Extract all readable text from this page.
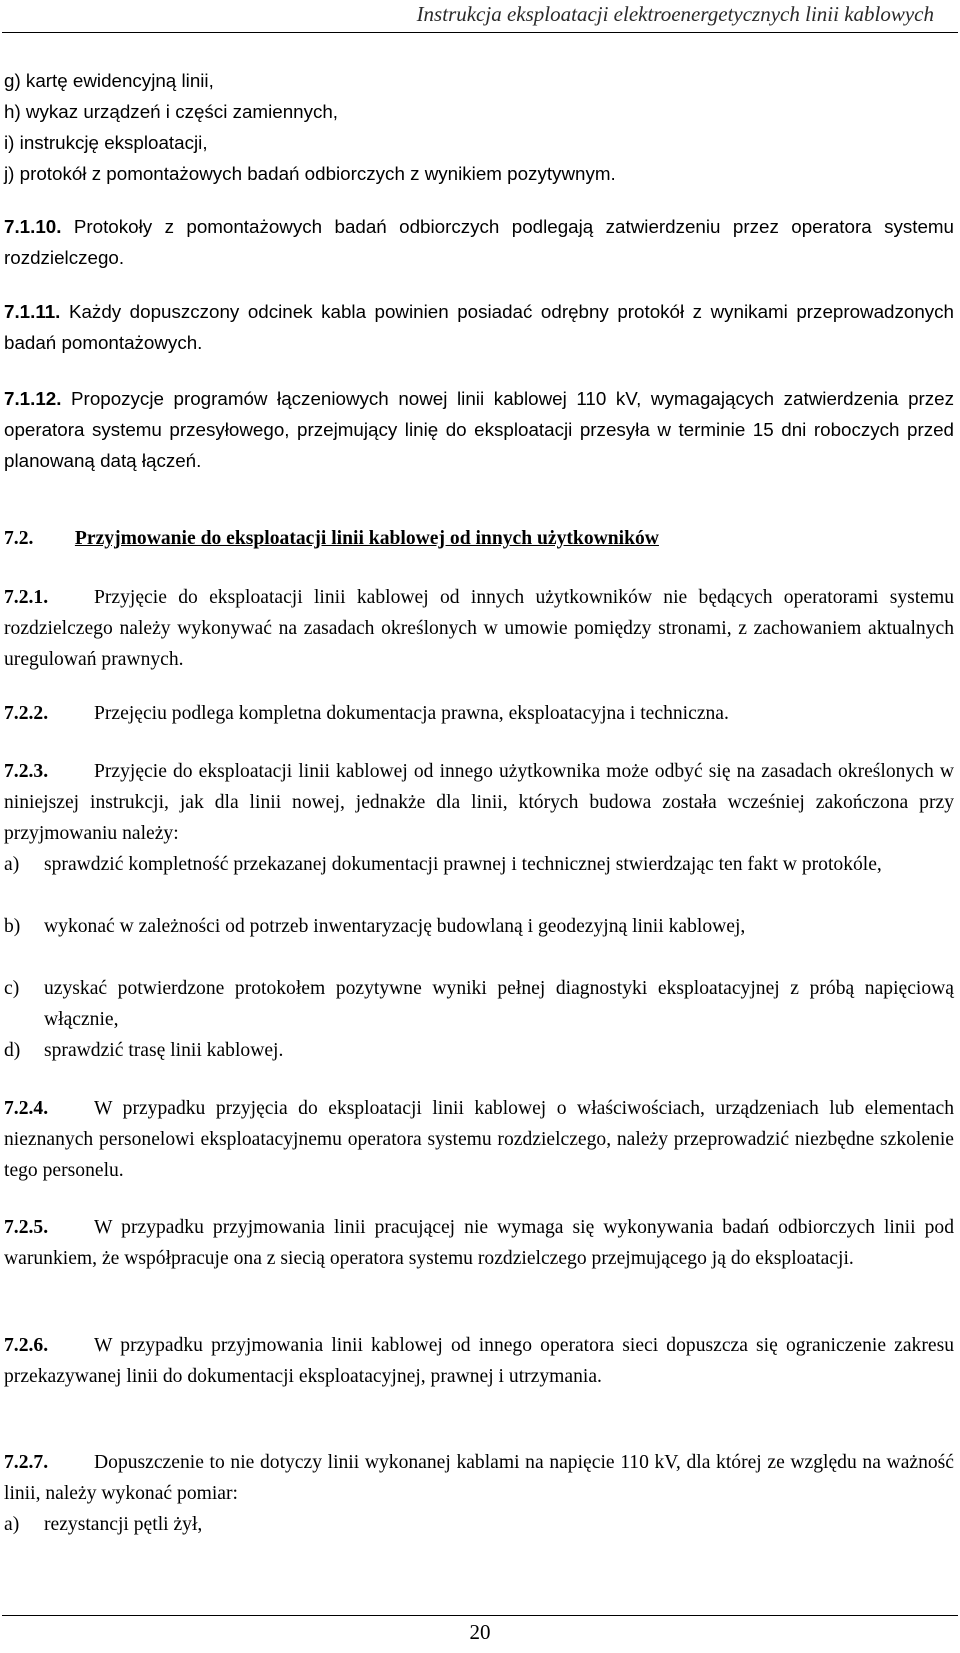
Instrukcja eksploatacji elektroenergetycznych linii kablowych

g) kartę ewidencyjną linii,

h) wykaz urządzeń i części zamiennych,

i) instrukcję eksploatacji,

j) protokół z pomontażowych badań odbiorczych z wynikiem pozytywnym.

7.1.10. Protokoły z pomontażowych badań odbiorczych podlegają zatwierdzeniu przez operatora systemu rozdzielczego.

7.1.11. Każdy dopuszczony odcinek kabla powinien posiadać odrębny protokół z wynikami przeprowadzonych badań pomontażowych.

7.1.12. Propozycje programów łączeniowych nowej linii kablowej 110 kV, wymagających zatwierdzenia przez operatora systemu przesyłowego, przejmujący linię do eksploatacji przesyła w terminie 15 dni roboczych przed planowaną datą łączeń.

7.2. Przyjmowanie do eksploatacji linii kablowej od innych użytkowników

7.2.1. Przyjęcie do eksploatacji linii kablowej od innych użytkowników nie będących operatorami systemu rozdzielczego należy wykonywać na zasadach określonych w umowie pomiędzy stronami, z zachowaniem aktualnych uregulowań prawnych.

7.2.2. Przejęciu podlega kompletna dokumentacja prawna, eksploatacyjna i techniczna.

7.2.3. Przyjęcie do eksploatacji linii kablowej od innego użytkownika może odbyć się na zasadach określonych w niniejszej instrukcji, jak dla linii nowej, jednakże dla linii, których budowa została wcześniej zakończona przy przyjmowaniu należy:

a) sprawdzić kompletność przekazanej dokumentacji prawnej i technicznej stwierdzając ten fakt w protokóle,

b) wykonać w zależności od potrzeb inwentaryzację budowlaną i geodezyjną linii kablowej,

c) uzyskać potwierdzone protokołem pozytywne wyniki pełnej diagnostyki eksploatacyjnej z próbą napięciową włącznie,

d) sprawdzić trasę linii kablowej.

7.2.4. W przypadku przyjęcia do eksploatacji linii kablowej o właściwościach, urządzeniach lub elementach nieznanych personelowi eksploatacyjnemu operatora systemu rozdzielczego, należy przeprowadzić niezbędne szkolenie tego personelu.

7.2.5. W przypadku przyjmowania linii pracującej nie wymaga się wykonywania badań odbiorczych linii pod warunkiem, że współpracuje ona z siecią operatora systemu rozdzielczego przejmującego ją do eksploatacji.

7.2.6. W przypadku przyjmowania linii kablowej od innego operatora sieci dopuszcza się ograniczenie zakresu przekazywanej linii do dokumentacji eksploatacyjnej, prawnej i utrzymania.

7.2.7. Dopuszczenie to nie dotyczy linii wykonanej kablami na napięcie 110 kV, dla której ze względu na ważność linii, należy wykonać pomiar:

a) rezystancji pętli żył,

20
